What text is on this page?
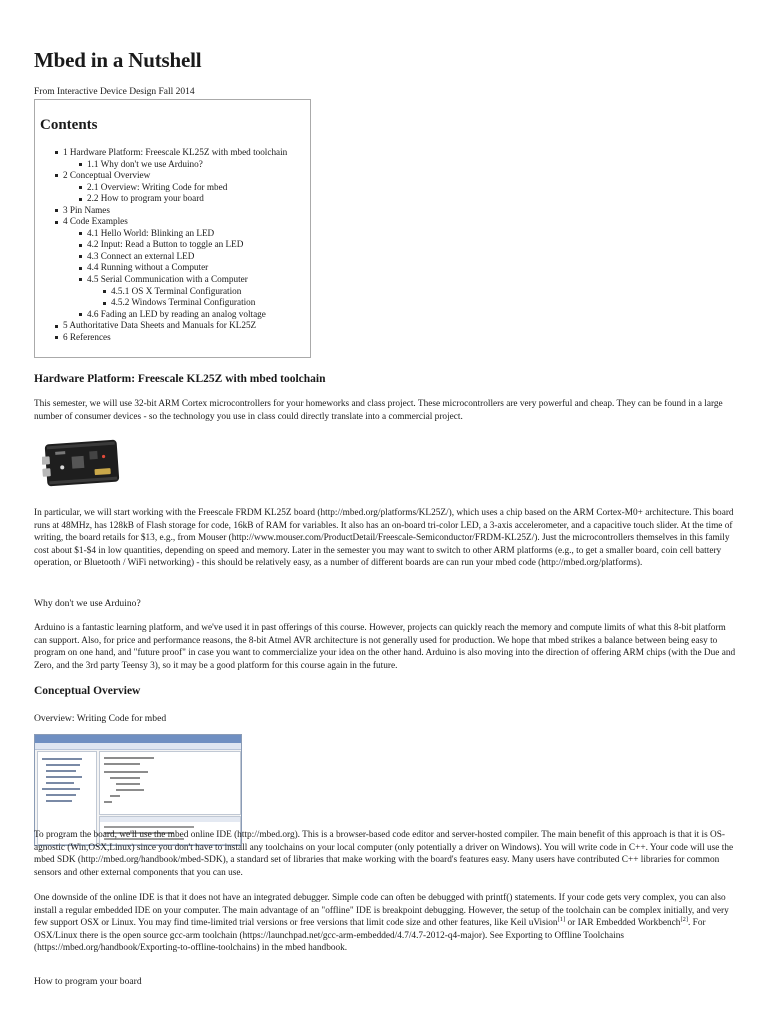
Mbed in a Nutshell
From Interactive Device Design Fall 2014
Contents
1 Hardware Platform: Freescale KL25Z with mbed toolchain
1.1 Why don't we use Arduino?
2 Conceptual Overview
2.1 Overview: Writing Code for mbed
2.2 How to program your board
3 Pin Names
4 Code Examples
4.1 Hello World: Blinking an LED
4.2 Input: Read a Button to toggle an LED
4.3 Connect an external LED
4.4 Running without a Computer
4.5 Serial Communication with a Computer
4.5.1 OS X Terminal Configuration
4.5.2 Windows Terminal Configuration
4.6 Fading an LED by reading an analog voltage
5 Authoritative Data Sheets and Manuals for KL25Z
6 References
Hardware Platform: Freescale KL25Z with mbed toolchain

This semester, we will use 32-bit ARM Cortex microcontrollers for your homeworks and class project. These microcontrollers are very powerful and cheap. They can be found in a large number of consumer devices - so the technology you use in class could directly translate into a commercial project.

In particular, we will start working with the Freescale FRDM KL25Z board (http://mbed.org/platforms/KL25Z/), which uses a chip based on the ARM Cortex-M0+ architecture. This board runs at 48MHz, has 128kB of Flash storage for code, 16kB of RAM for variables. It also has an on-board tri-color LED, a 3-axis accelerometer, and a capacitive touch slider. At the time of writing, the board retails for $13, e.g., from Mouser (http://www.mouser.com/ProductDetail/Freescale-Semiconductor/FRDM-KL25Z/). Just the microcontrollers themselves in this family cost about $1-$4 in low quantities, depending on speed and memory. Later in the semester you may want to switch to other ARM platforms (e.g., to get a smaller board, coin cell battery operation, or Bluetooth / WiFi networking) - this should be relatively easy, as a number of different boards are can run your mbed code (http://mbed.org/platforms).

Why don't we use Arduino?

Arduino is a fantastic learning platform, and we've used it in past offerings of this course. However, projects can quickly reach the memory and compute limits of what this 8-bit platform can support. Also, for price and performance reasons, the 8-bit Atmel AVR architecture is not generally used for production. We hope that mbed strikes a balance between being easy to program on one hand, and "future proof" in case you want to commercialize your idea on the other hand. Arduino is also moving into the direction of offering ARM chips (with the Due and Zero, and the 3rd party Teensy 3), so it may be a good platform for this course again in the future.

Conceptual Overview
Overview: Writing Code for mbed

To program the board, we'll use the mbed online IDE (http://mbed.org). This is a browser-based code editor and server-hosted compiler. The main benefit of this approach is that it is OS-agnostic (Win,OSX,Linux) since you don't have to install any toolchains on your local computer (only potentially a driver on Windows). You will write code in C++. Your code will use the mbed SDK (http://mbed.org/handbook/mbed-SDK), a standard set of libraries that make working with the board's features easy. Many users have contributed C++ libraries for common sensors and other external components that you can use.

One downside of the online IDE is that it does not have an integrated debugger. Simple code can often be debugged with printf() statements. If your code gets very complex, you can also install a regular embedded IDE on your computer. The main advantage of an "offline" IDE is breakpoint debugging. However, the setup of the toolchain can be complex initially, and very few support OSX or Linux. You may find time-limited trial versions or free versions that limit code size and other features, like Keil uVision[1] or IAR Embedded Workbench[2]. For OSX/Linux there is the open source gcc-arm toolchain (https://launchpad.net/gcc-arm-embedded/4.7/4.7-2012-q4-major). See Exporting to Offline Toolchains (https://mbed.org/handbook/Exporting-to-offline-toolchains) in the mbed handbook.

How to program your board
